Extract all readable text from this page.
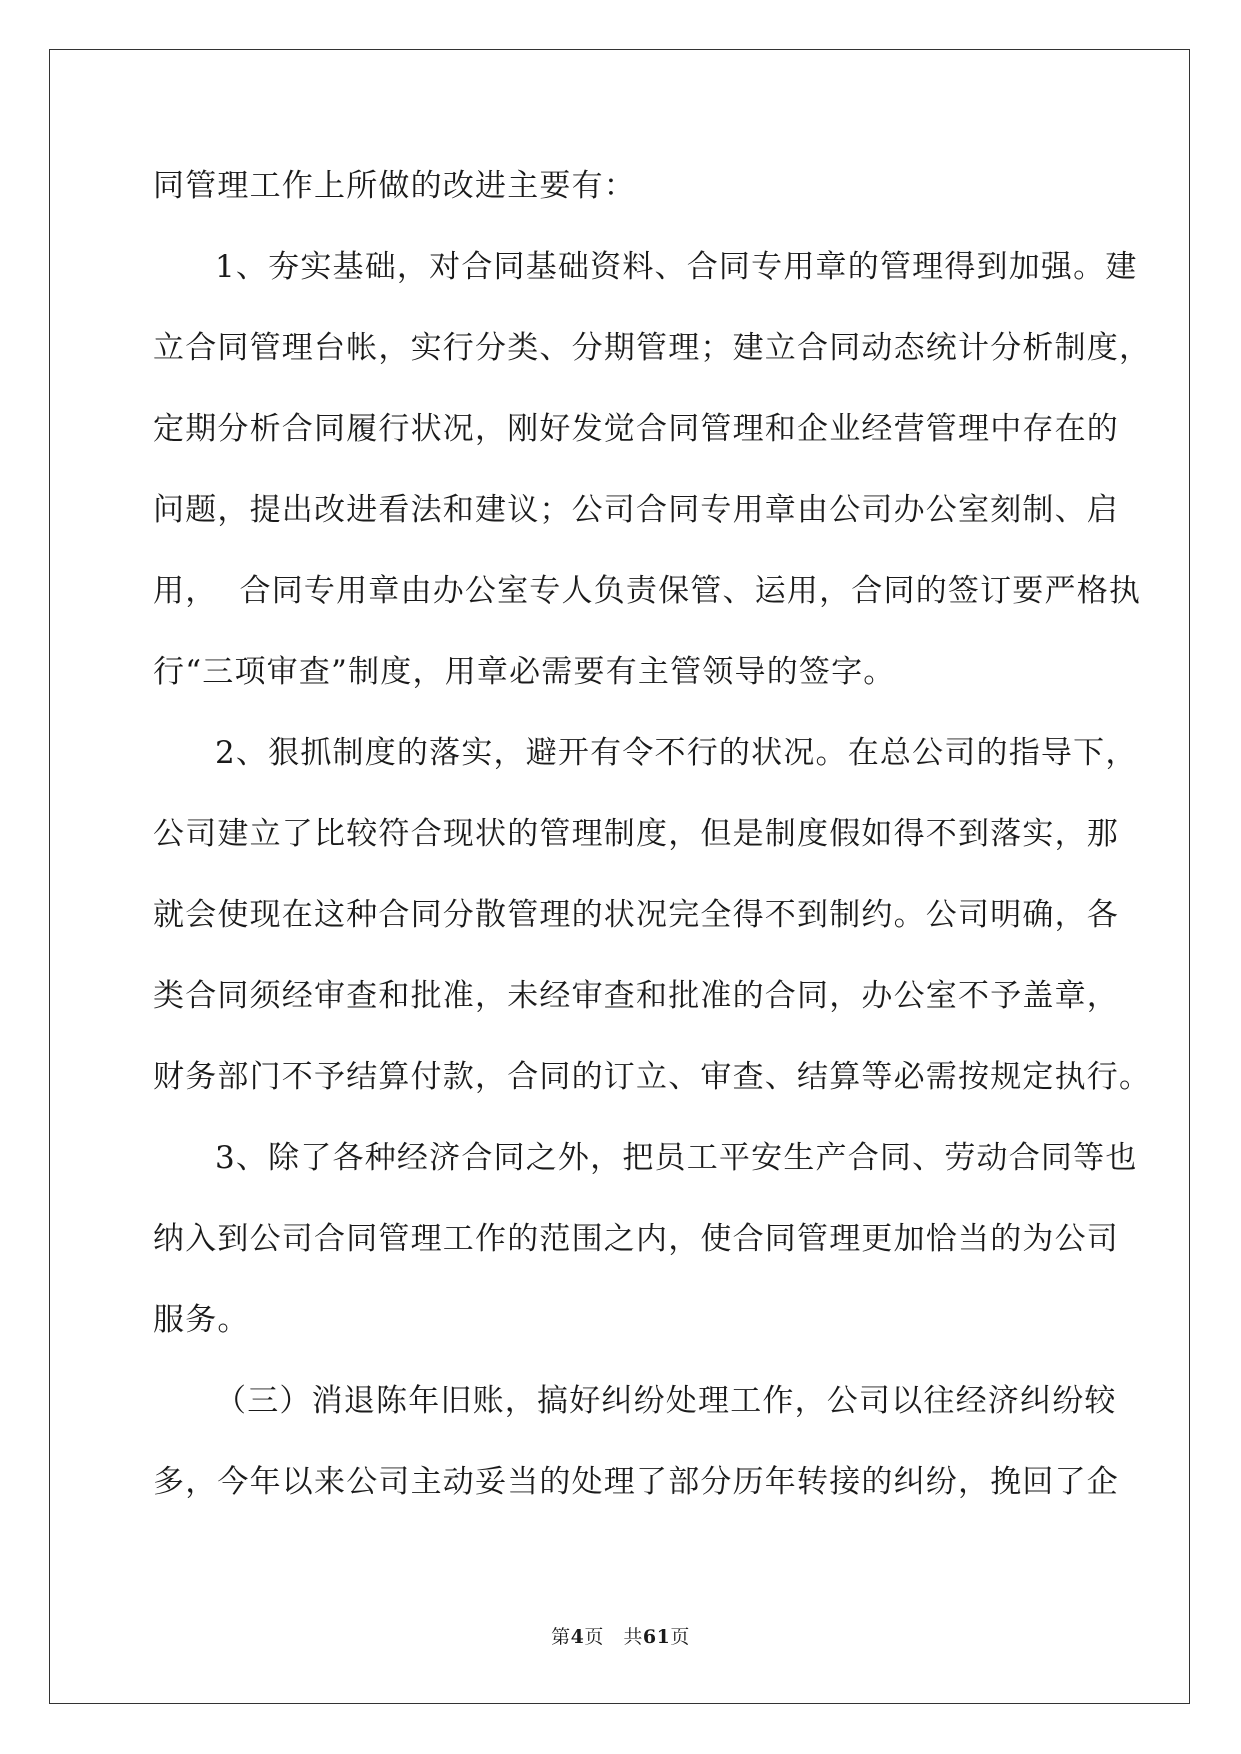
同管理工作上所做的改进主要有：
1、夯实基础，对合同基础资料、合同专用章的管理得到加强。建
立合同管理台帐，实行分类、分期管理；建立合同动态统计分析制度，
定期分析合同履行状况，刚好发觉合同管理和企业经营管理中存在的
问题，提出改进看法和建议；公司合同专用章由公司办公室刻制、启
用，  合同专用章由办公室专人负责保管、运用，合同的签订要严格执
行“三项审查”制度，用章必需要有主管领导的签字。
2、狠抓制度的落实，避开有令不行的状况。在总公司的指导下，
公司建立了比较符合现状的管理制度，但是制度假如得不到落实，那
就会使现在这种合同分散管理的状况完全得不到制约。公司明确，各
类合同须经审查和批准，未经审查和批准的合同，办公室不予盖章，
财务部门不予结算付款，合同的订立、审查、结算等必需按规定执行。
3、除了各种经济合同之外，把员工平安生产合同、劳动合同等也
纳入到公司合同管理工作的范围之内，使合同管理更加恰当的为公司
服务。
（三）消退陈年旧账，搞好纠纷处理工作，公司以往经济纠纷较
多，今年以来公司主动妥当的处理了部分历年转接的纠纷，挽回了企
第4页　共61页
